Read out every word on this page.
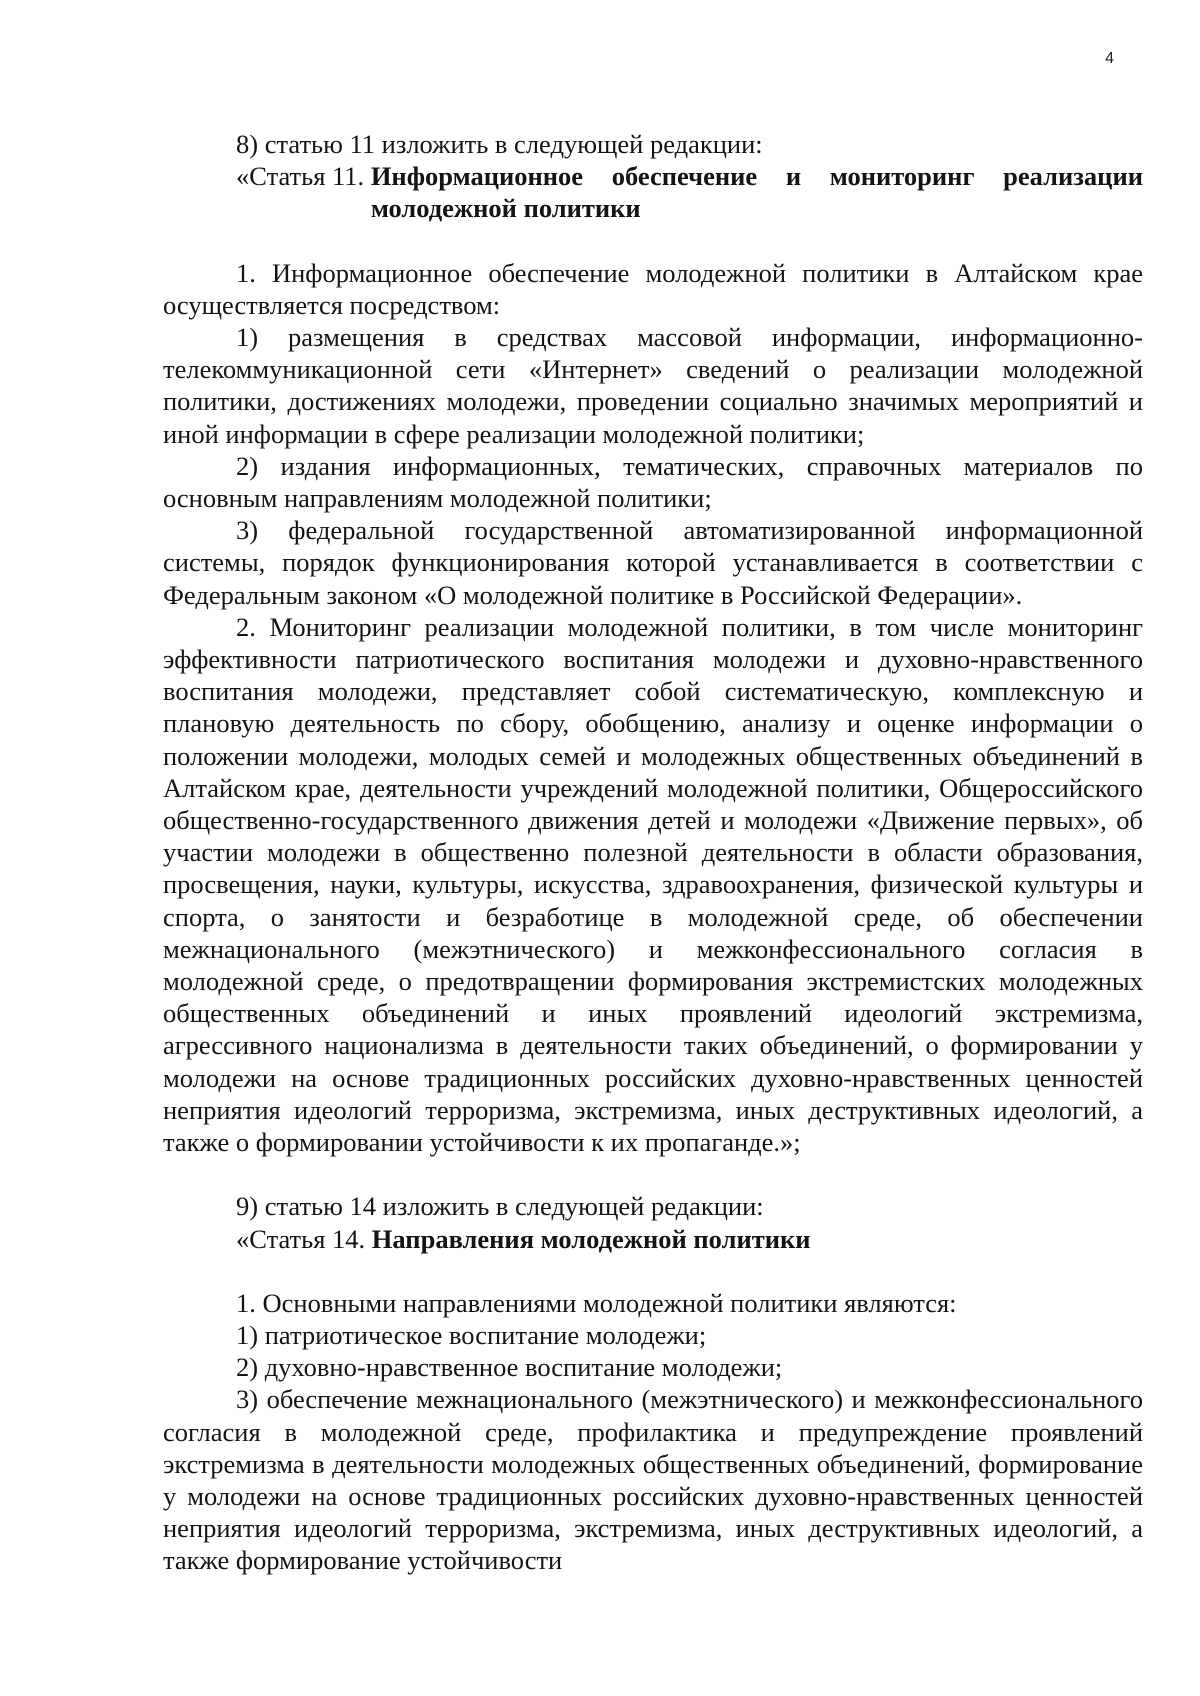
4

8) статью 11 изложить в следующей редакции:

«Статья 11. Информационное обеспечение и мониторинг реализации молодежной политики

1. Информационное обеспечение молодежной политики в Алтайском крае осуществляется посредством:

1) размещения в средствах массовой информации, информационно-телекоммуникационной сети «Интернет» сведений о реализации молодежной политики, достижениях молодежи, проведении социально значимых мероприятий и иной информации в сфере реализации молодежной политики;

2) издания информационных, тематических, справочных материалов по основным направлениям молодежной политики;

3) федеральной государственной автоматизированной информационной системы, порядок функционирования которой устанавливается в соответствии с Федеральным законом «О молодежной политике в Российской Федерации».

2. Мониторинг реализации молодежной политики, в том числе мониторинг эффективности патриотического воспитания молодежи и духовно-нравственного воспитания молодежи, представляет собой систематическую, комплексную и плановую деятельность по сбору, обобщению, анализу и оценке информации о положении молодежи, молодых семей и молодежных общественных объединений в Алтайском крае, деятельности учреждений молодежной политики, Общероссийского общественно-государственного движения детей и молодежи «Движение первых», об участии молодежи в общественно полезной деятельности в области образования, просвещения, науки, культуры, искусства, здравоохранения, физической культуры и спорта, о занятости и безработице в молодежной среде, об обеспечении межнационального (межэтнического) и межконфессионального согласия в молодежной среде, о предотвращении формирования экстремистских молодежных общественных объединений и иных проявлений идеологий экстремизма, агрессивного национализма в деятельности таких объединений, о формировании у молодежи на основе традиционных российских духовно-нравственных ценностей неприятия идеологий терроризма, экстремизма, иных деструктивных идеологий, а также о формировании устойчивости к их пропаганде.»;

9) статью 14 изложить в следующей редакции:

«Статья 14. Направления молодежной политики

1. Основными направлениями молодежной политики являются:

1) патриотическое воспитание молодежи;

2) духовно-нравственное воспитание молодежи;

3) обеспечение межнационального (межэтнического) и межконфессионального согласия в молодежной среде, профилактика и предупреждение проявлений экстремизма в деятельности молодежных общественных объединений, формирование у молодежи на основе традиционных российских духовно-нравственных ценностей неприятия идеологий терроризма, экстремизма, иных деструктивных идеологий, а также формирование устойчивости
